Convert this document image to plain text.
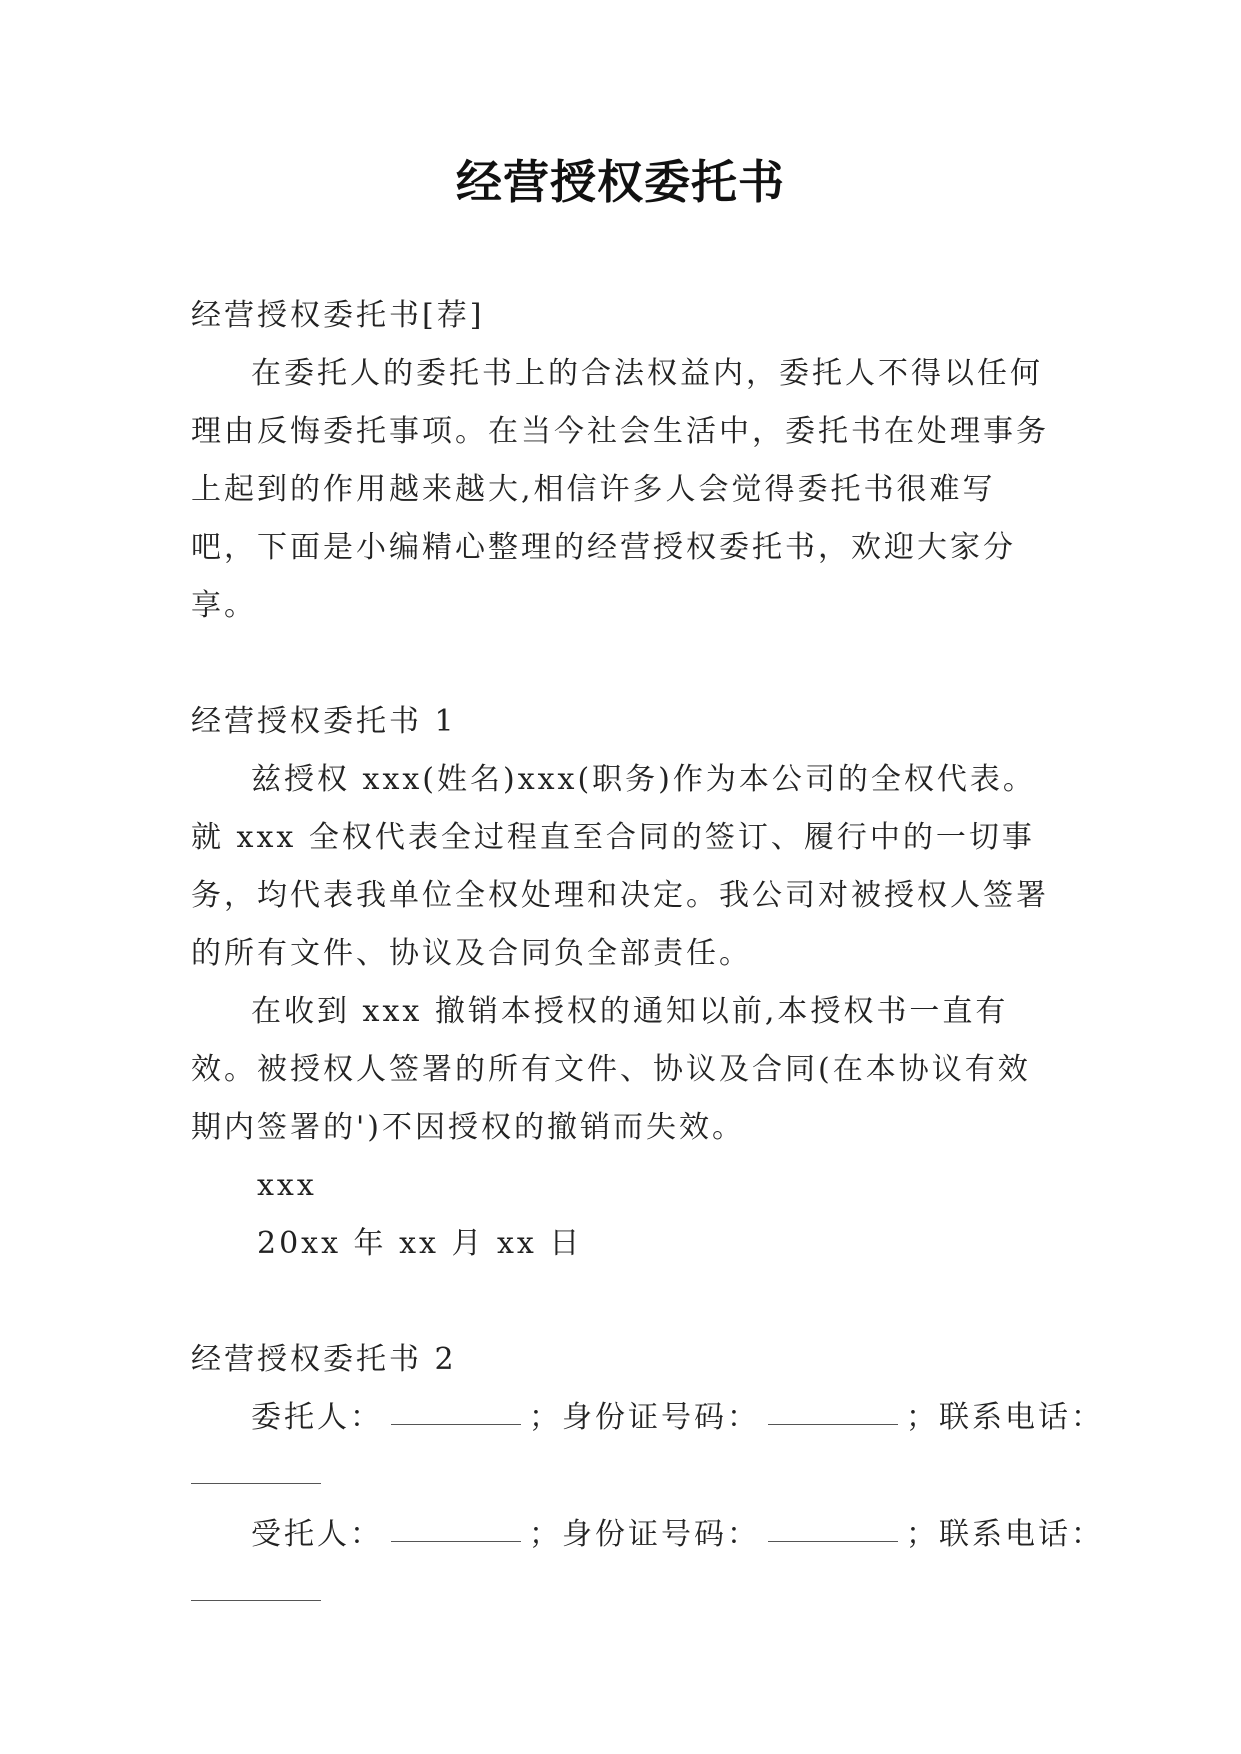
经营授权委托书

经营授权委托书[荐]

在委托人的委托书上的合法权益内，委托人不得以任何理由反悔委托事项。在当今社会生活中，委托书在处理事务上起到的作用越来越大,相信许多人会觉得委托书很难写吧，下面是小编精心整理的经营授权委托书，欢迎大家分享。

经营授权委托书 1

兹授权 xxx(姓名)xxx(职务)作为本公司的全权代表。就 xxx 全权代表全过程直至合同的签订、履行中的一切事务，均代表我单位全权处理和决定。我公司对被授权人签署的所有文件、协议及合同负全部责任。

在收到 xxx 撤销本授权的通知以前,本授权书一直有效。被授权人签署的所有文件、协议及合同(在本协议有效期内签署的')不因授权的撤销而失效。

xxx

20xx 年 xx 月 xx 日

经营授权委托书 2

委托人：	；身份证号码：	；联系电话：

受托人：	；身份证号码：	；联系电话：
